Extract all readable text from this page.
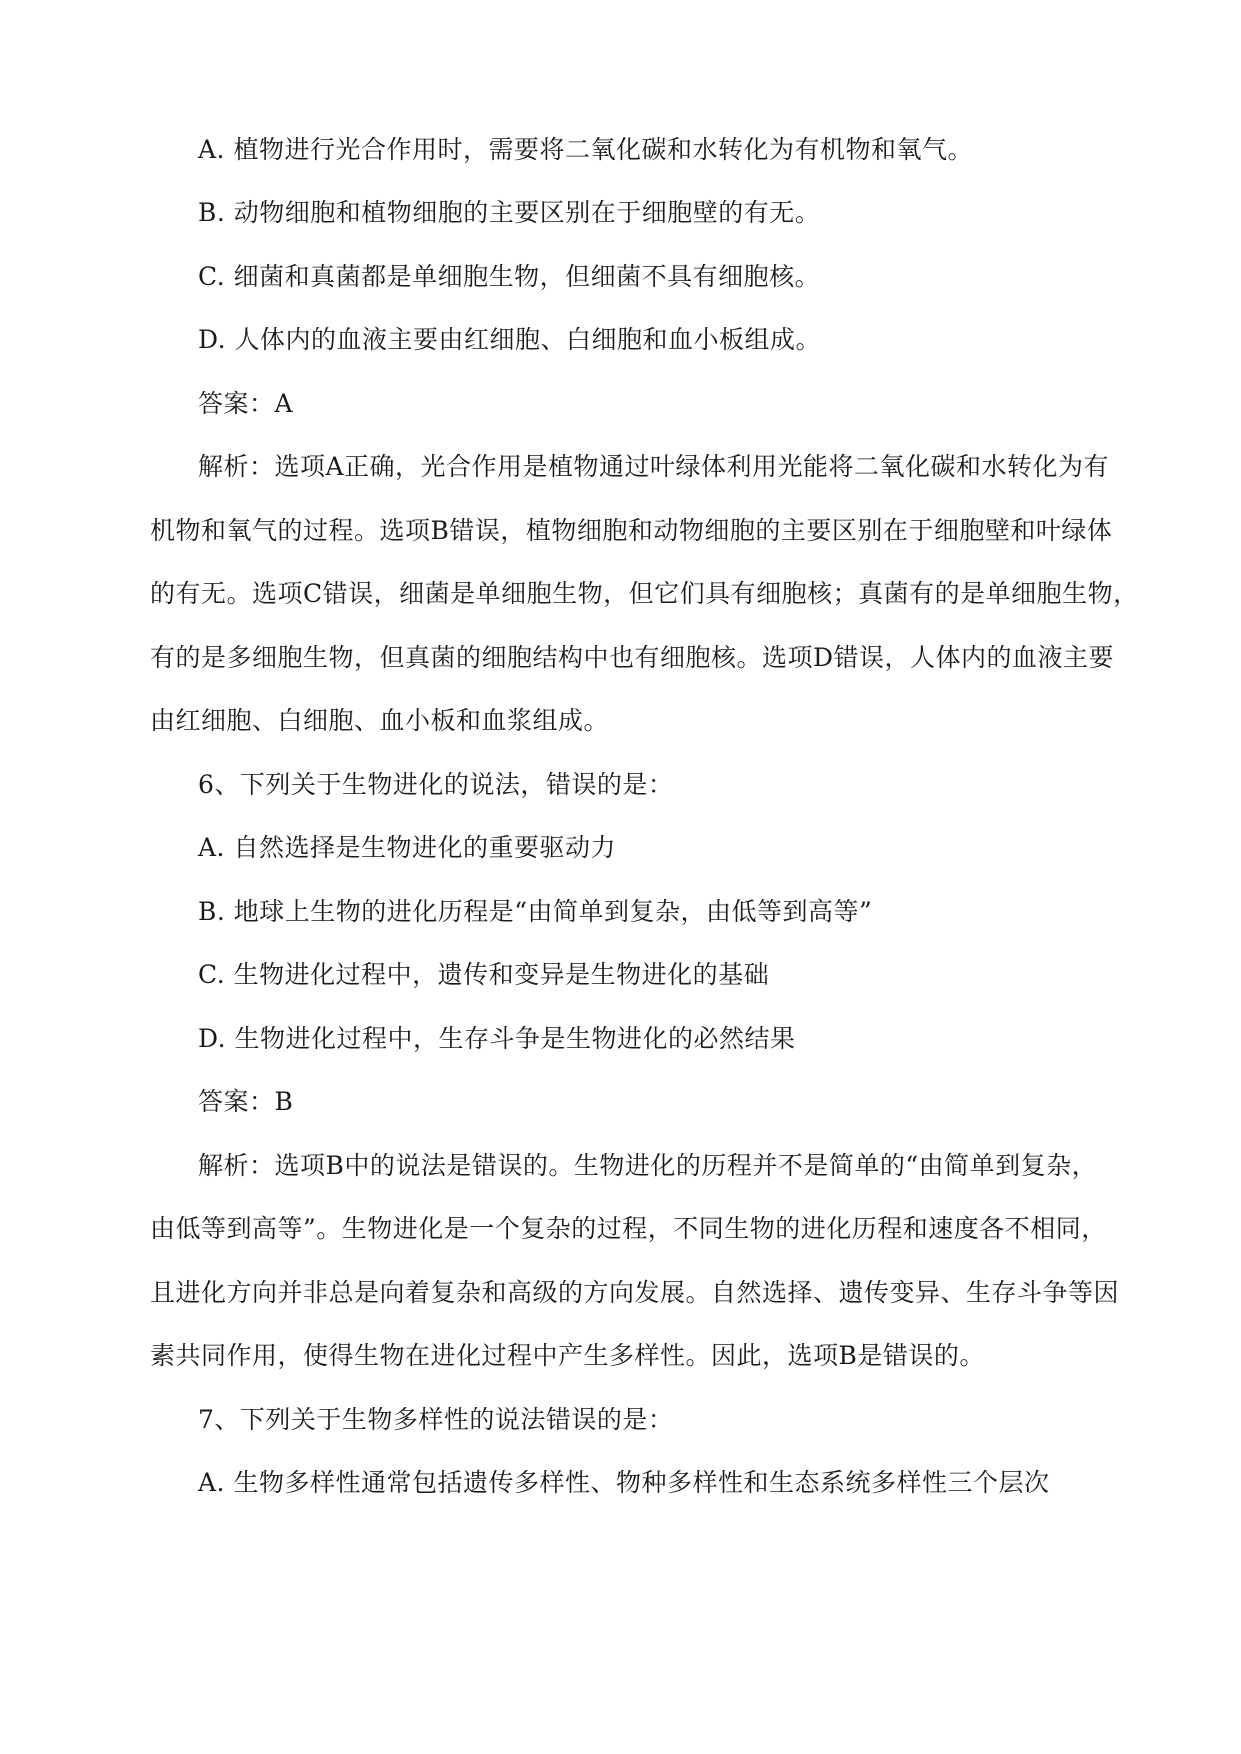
A. 植物进行光合作用时，需要将二氧化碳和水转化为有机物和氧气。
B. 动物细胞和植物细胞的主要区别在于细胞壁的有无。
C. 细菌和真菌都是单细胞生物，但细菌不具有细胞核。
D. 人体内的血液主要由红细胞、白细胞和血小板组成。
答案：A
解析：选项A正确，光合作用是植物通过叶绿体利用光能将二氧化碳和水转化为有
机物和氧气的过程。选项B错误，植物细胞和动物细胞的主要区别在于细胞壁和叶绿体
的有无。选项C错误，细菌是单细胞生物，但它们具有细胞核；真菌有的是单细胞生物，
有的是多细胞生物，但真菌的细胞结构中也有细胞核。选项D错误，人体内的血液主要
由红细胞、白细胞、血小板和血浆组成。
6、下列关于生物进化的说法，错误的是：
A. 自然选择是生物进化的重要驱动力
B. 地球上生物的进化历程是“由简单到复杂，由低等到高等”
C. 生物进化过程中，遗传和变异是生物进化的基础
D. 生物进化过程中，生存斗争是生物进化的必然结果
答案：B
解析：选项B中的说法是错误的。生物进化的历程并不是简单的“由简单到复杂，
由低等到高等”。生物进化是一个复杂的过程，不同生物的进化历程和速度各不相同，
且进化方向并非总是向着复杂和高级的方向发展。自然选择、遗传变异、生存斗争等因
素共同作用，使得生物在进化过程中产生多样性。因此，选项B是错误的。
7、下列关于生物多样性的说法错误的是：
A. 生物多样性通常包括遗传多样性、物种多样性和生态系统多样性三个层次
